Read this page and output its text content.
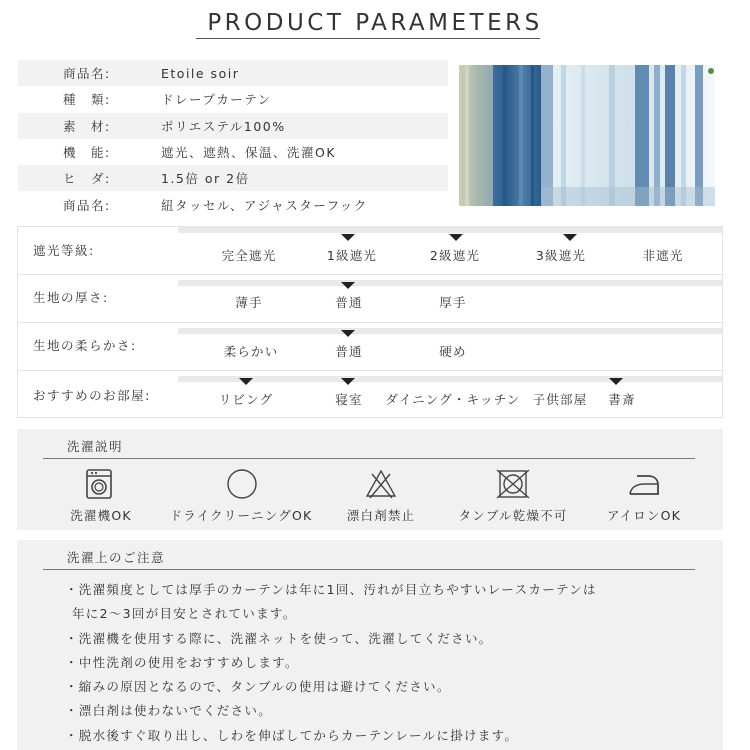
PRODUCT PARAMETERS
商品名:	Etoile soir
種　類:	ドレープカーテン
素　材:	ポリエステル100%
機　能:	遮光、遮熱、保温、洗濯OK
ヒ　ダ:	1.5倍 or 2倍
商品名:	紐タッセル、アジャスターフック
遮光等級:	完全遮光	1級遮光	2級遮光	3級遮光	非遮光
生地の厚さ:	薄手	普通	厚手
生地の柔らかさ:	柔らかい	普通	硬め
おすすめのお部屋:	リビング	寝室 ダイニング・キッチン 子供部屋 書斎
洗濯説明
洗濯機OK	ドライクリーニングOK	漂白剤禁止	タンブル乾燥不可	アイロンOK
洗濯上のご注意
・洗濯頻度としては厚手のカーテンは年に1回、汚れが目立ちやすいレースカーテンは
年に2～3回が目安とされています。
・洗濯機を使用する際に、洗濯ネットを使って、洗濯してください。
・中性洗剤の使用をおすすめします。
・縮みの原因となるので、タンブルの使用は避けてください。
・漂白剤は使わないでください。
・脱水後すぐ取り出し、しわを伸ばしてからカーテンレールに掛けます。
